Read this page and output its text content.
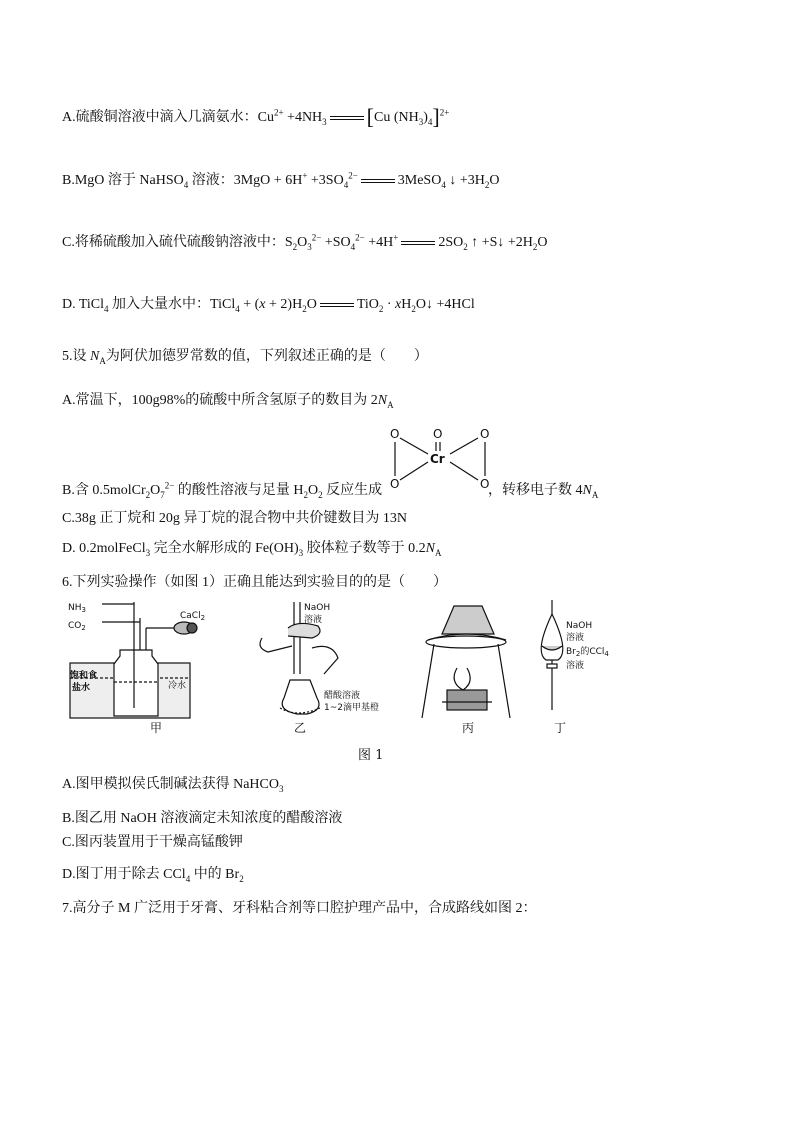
A.硫酸铜溶液中滴入几滴氨水：$Cu^{2+} +4NH_3$ [Cu $(NH_3)_4]^{2+}$
B.MgO 溶于 NaHSO$_4$ 溶液：$3MgO + 6H^+ +3SO_4^{2-}$	3MeSO$_4$ ↓ $+3H_2O$
C.将稀硫酸加入硫代硫酸钠溶液中：$S_2O_3^{2-} +SO_4^{2-} +4H^+$	$2SO_2$ ↑ +S↓ $+2H_2O$
D. TiCl$_4$ 加入大量水中：TiCl$_4$ + $(x + 2)H_2O$	$TiO_2 \cdot xH_2O↓ +4HCl$
5.设 $N_A$为阿伏加德罗常数的值，下列叙述正确的是（　　）
A.常温下，100g98%的硫酸中所含氢原子的数目为 $2N_A$
O	O	O
Cr
O	O
B.含 $0.5molCr_2O_7^{2-}$ 的酸性溶液与足量 $H_2O_2$ 反应生成	，转移电子数 $4N_A$
C.38g 正丁烷和 20g 异丁烷的混合物中共价键数目为 13N
D. 0.2molFeCl$_3$ 完全水解形成的 $Fe(OH)_3$ 胶体粒子数等于 $0.2N_A$
6.下列实验操作（如图 1）正确且能达到实验目的的是（　　）
$NH_3$
$CO_2$
CaCl$_2$
饱和食
盐水	冷水
NaOH
溶液
醋酸溶液
1~2滴甲基橙
NaOH
溶液
$Br_2$的CCl$_4$
溶液
甲	乙	丙	丁
图 1
A.图甲模拟侯氏制碱法获得 NaHCO$_3$
B.图乙用 NaOH 溶液滴定未知浓度的醋酸溶液
C.图丙装置用于干燥高锰酸钾
D.图丁用于除去 CCl$_4$ 中的 $Br_2$
7.高分子 M 广泛用于牙膏、牙科粘合剂等口腔护理产品中，合成路线如图 2：
